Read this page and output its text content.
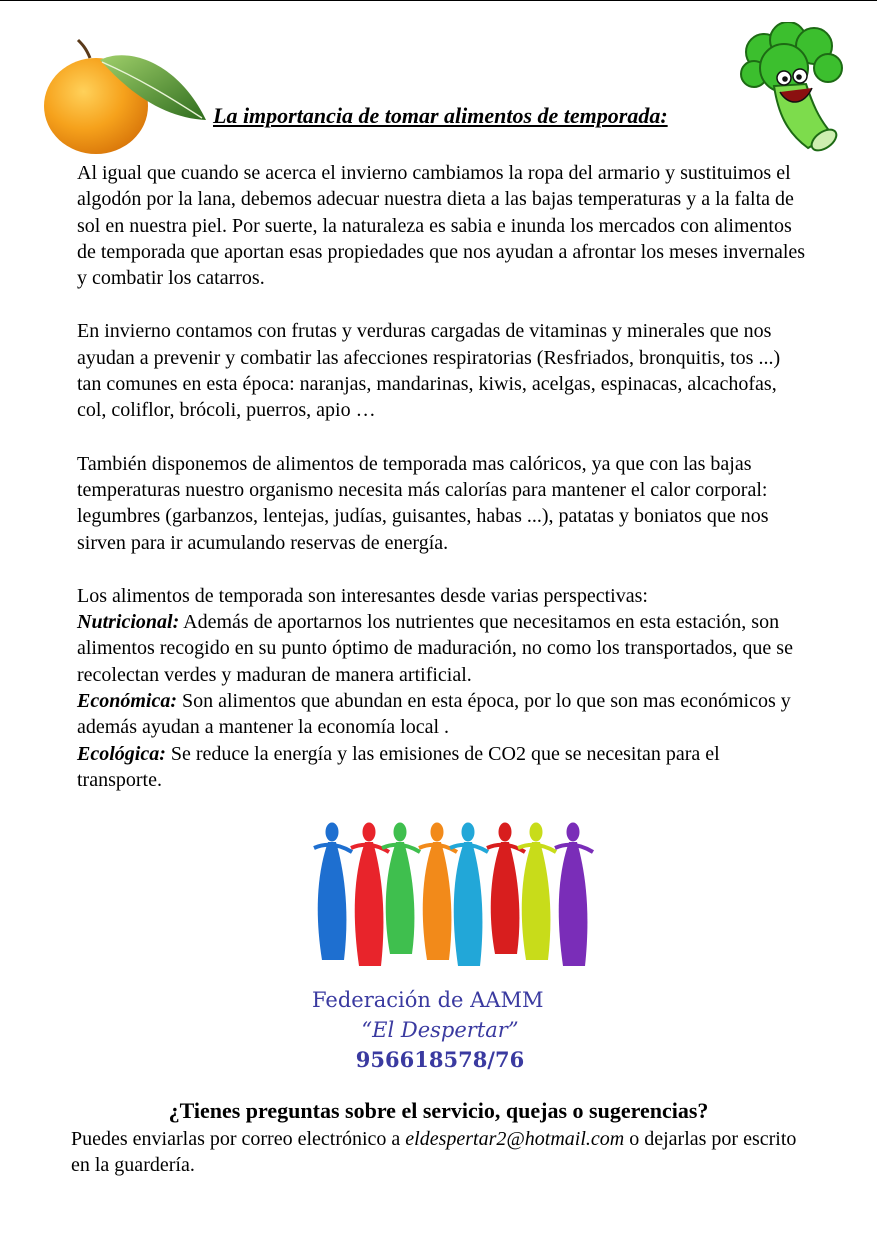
La importancia de tomar alimentos de temporada:

Al igual que cuando se acerca el invierno cambiamos la ropa del armario y sustituimos el algodón por la lana, debemos adecuar nuestra dieta a las bajas temperaturas y a la falta de sol en nuestra piel. Por suerte, la naturaleza es sabia e inunda los mercados con alimentos de temporada que aportan esas propiedades que nos ayudan a afrontar los meses invernales y combatir los catarros.

En invierno contamos con frutas y verduras cargadas de vitaminas y minerales que nos ayudan a prevenir y combatir las afecciones respiratorias (Resfriados, bronquitis, tos ...) tan comunes en esta época: naranjas, mandarinas, kiwis, acelgas, espinacas, alcachofas, col, coliflor, brócoli, puerros, apio …

También disponemos de alimentos de temporada mas calóricos, ya que con las bajas temperaturas nuestro organismo necesita más calorías para mantener el calor corporal: legumbres (garbanzos, lentejas, judías, guisantes, habas ...), patatas y boniatos que nos sirven para ir acumulando reservas de energía.

Los alimentos de temporada son interesantes desde varias perspectivas:

Nutricional: Además de aportarnos los nutrientes que necesitamos en esta estación, son alimentos recogido en su punto óptimo de maduración, no como los transportados, que se recolectan verdes y maduran de manera artificial.

Económica: Son alimentos que abundan en esta época, por lo que son mas económicos y además ayudan a mantener la economía local .

Ecológica: Se reduce la energía y las emisiones de CO2 que se necesitan para el transporte.

Federación de AAMM
“El Despertar”
956618578/76
¿Tienes preguntas sobre el servicio, quejas o sugerencias?
Puedes enviarlas por correo electrónico a eldespertar2@hotmail.com o dejarlas por escrito en la guardería.
